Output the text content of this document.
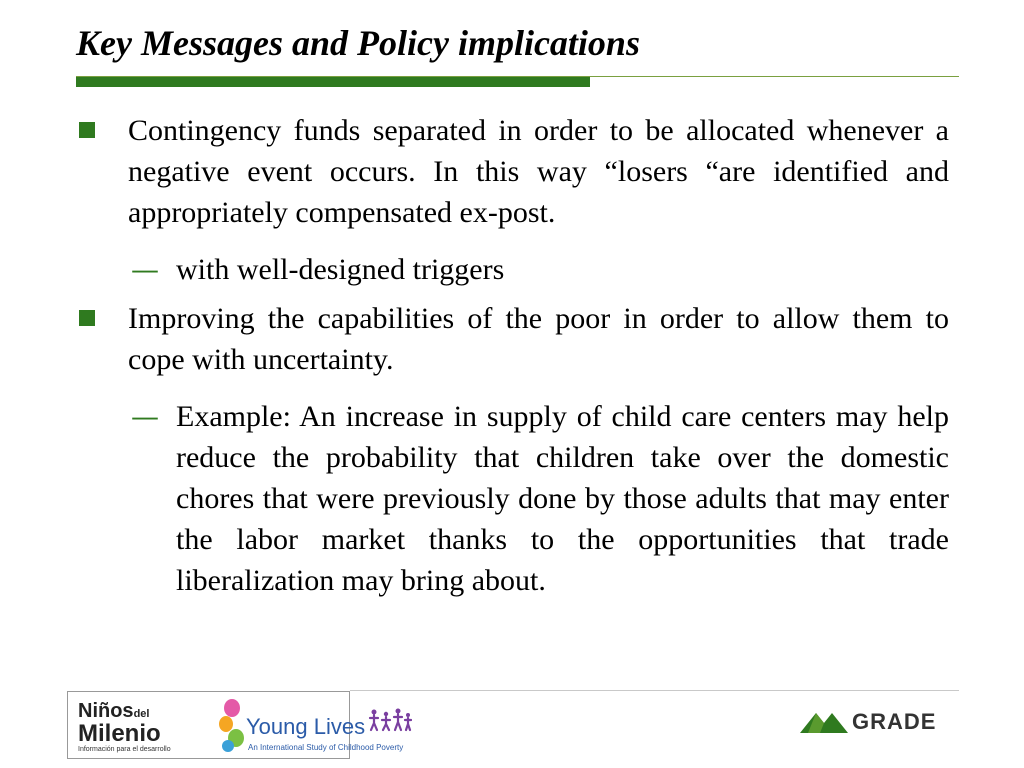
Key Messages and Policy implications

Contingency funds separated in order to be allocated whenever a negative event occurs. In this way “losers “are identified and appropriately compensated ex-post.

— with well-designed triggers

Improving the capabilities of the poor in order to allow them to cope with uncertainty.

— Example: An increase in supply of child care centers may help reduce the probability that children take over the domestic chores that were previously done by those adults that may enter the labor market thanks to the opportunities that trade liberalization may bring about.

Niñosdel
Milenio
Información para el desarrollo
Young Lives
An International Study of Childhood Poverty
GRADE
